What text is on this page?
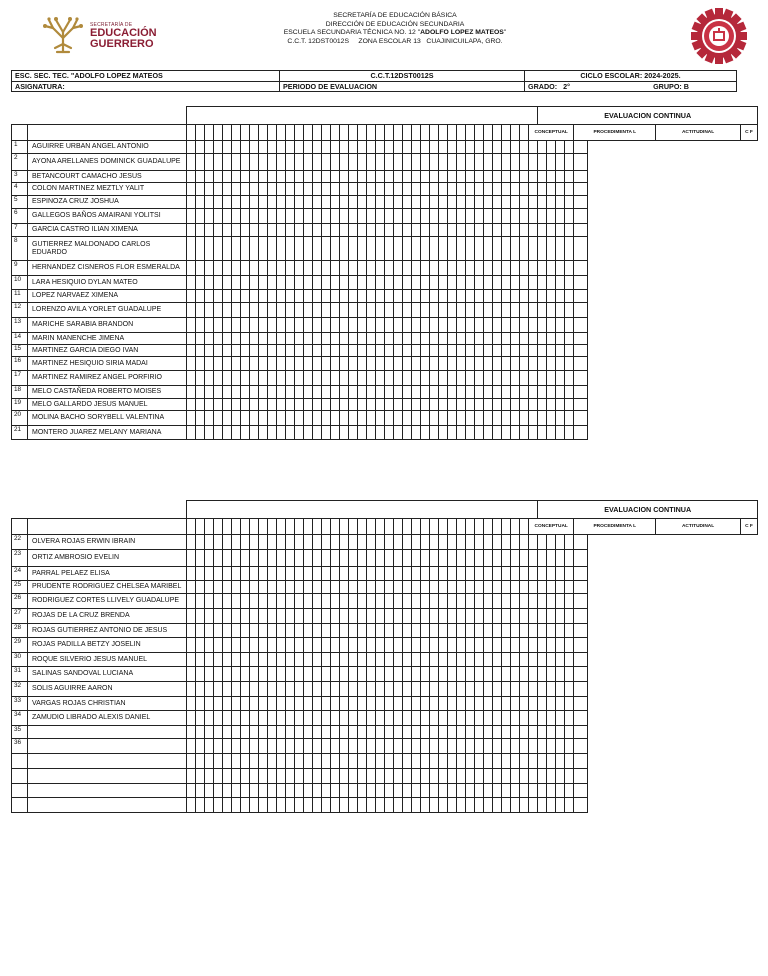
SECRETARÍA DE
EDUCACIÓN
GUERRERO
SECRETARÍA DE EDUCACIÓN BÁSICA
DIRECCIÓN DE EDUCACIÓN SECUNDARIA
ESCUELA SECUNDARIA TÉCNICA NO. 12 "ADOLFO LOPEZ MATEOS"
C.C.T. 12DST0012S     ZONA ESCOLAR 13   CUAJINICUILAPA, GRO.
ESC. SEC. TEC. "ADOLFO LOPEZ MATEOS	C.C.T.12DST0012S	CICLO ESCOLAR: 2024-2025.
ASIGNATURA:	PERIODO DE EVALUACION	GRADO: 2° GRUPO: B
																																									EVALUACION CONTINUA						
																																								CONCEPTUAL					PROCEDIMENTA L	ACTITUDINAL	C F
1	AGUIRRE URBAN ANGEL ANTONIO																																														
2	AYONA ARELLANES DOMINICK GUADALUPE																																														
3	BETANCOURT CAMACHO JESUS																																														
4	COLON MARTINEZ MEZTLY YALIT																																														
5	ESPINOZA CRUZ JOSHUA																																														
6	GALLEGOS BAÑOS AMAIRANI YOLITSI																																														
7	GARCIA CASTRO ILIAN XIMENA																																														
8	GUTIERREZ MALDONADO CARLOS EDUARDO																																														
9	HERNANDEZ CISNEROS FLOR ESMERALDA																																														
10	LARA HESIQUIO DYLAN MATEO																																														
11	LOPEZ NARVAEZ XIMENA																																														
12	LORENZO AVILA YORLET GUADALUPE																																														
13	MARICHE SARABIA BRANDON																																														
14	MARIN MANENCHE JIMENA																																														
15	MARTINEZ GARCIA DIEGO IVAN																																														
16	MARTINEZ HESIQUIO SIRIA MADAI																																														
17	MARTINEZ RAMIREZ ANGEL PORFIRIO																																														
18	MELO CASTAÑEDA ROBERTO MOISES																																														
19	MELO GALLARDO JESUS MANUEL																																														
20	MOLINA BACHO SORYBELL VALENTINA																																														
21	MONTERO JUAREZ MELANY MARIANA																																														
																																									EVALUACION CONTINUA						
																																								CONCEPTUAL					PROCEDIMENTA L	ACTITUDINAL	C F
22	OLVERA ROJAS ERWIN IBRAIN																																														
23	ORTIZ AMBROSIO EVELIN																																														
24	PARRAL PELAEZ ELISA																																														
25	PRUDENTE RODRIGUEZ CHELSEA MARIBEL																																														
26	RODRIGUEZ CORTES LLIVELY GUADALUPE																																														
27	ROJAS DE LA CRUZ BRENDA																																														
28	ROJAS GUTIERREZ ANTONIO DE JESUS																																														
29	ROJAS PADILLA BETZY JOSELIN																																														
30	ROQUE SILVERIO JESUS MANUEL																																														
31	SALINAS SANDOVAL LUCIANA																																														
32	SOLIS AGUIRRE AARON																																														
33	VARGAS ROJAS CHRISTIAN																																														
34	ZAMUDIO LIBRADO ALEXIS DANIEL																																														
35																																															
36																																															
